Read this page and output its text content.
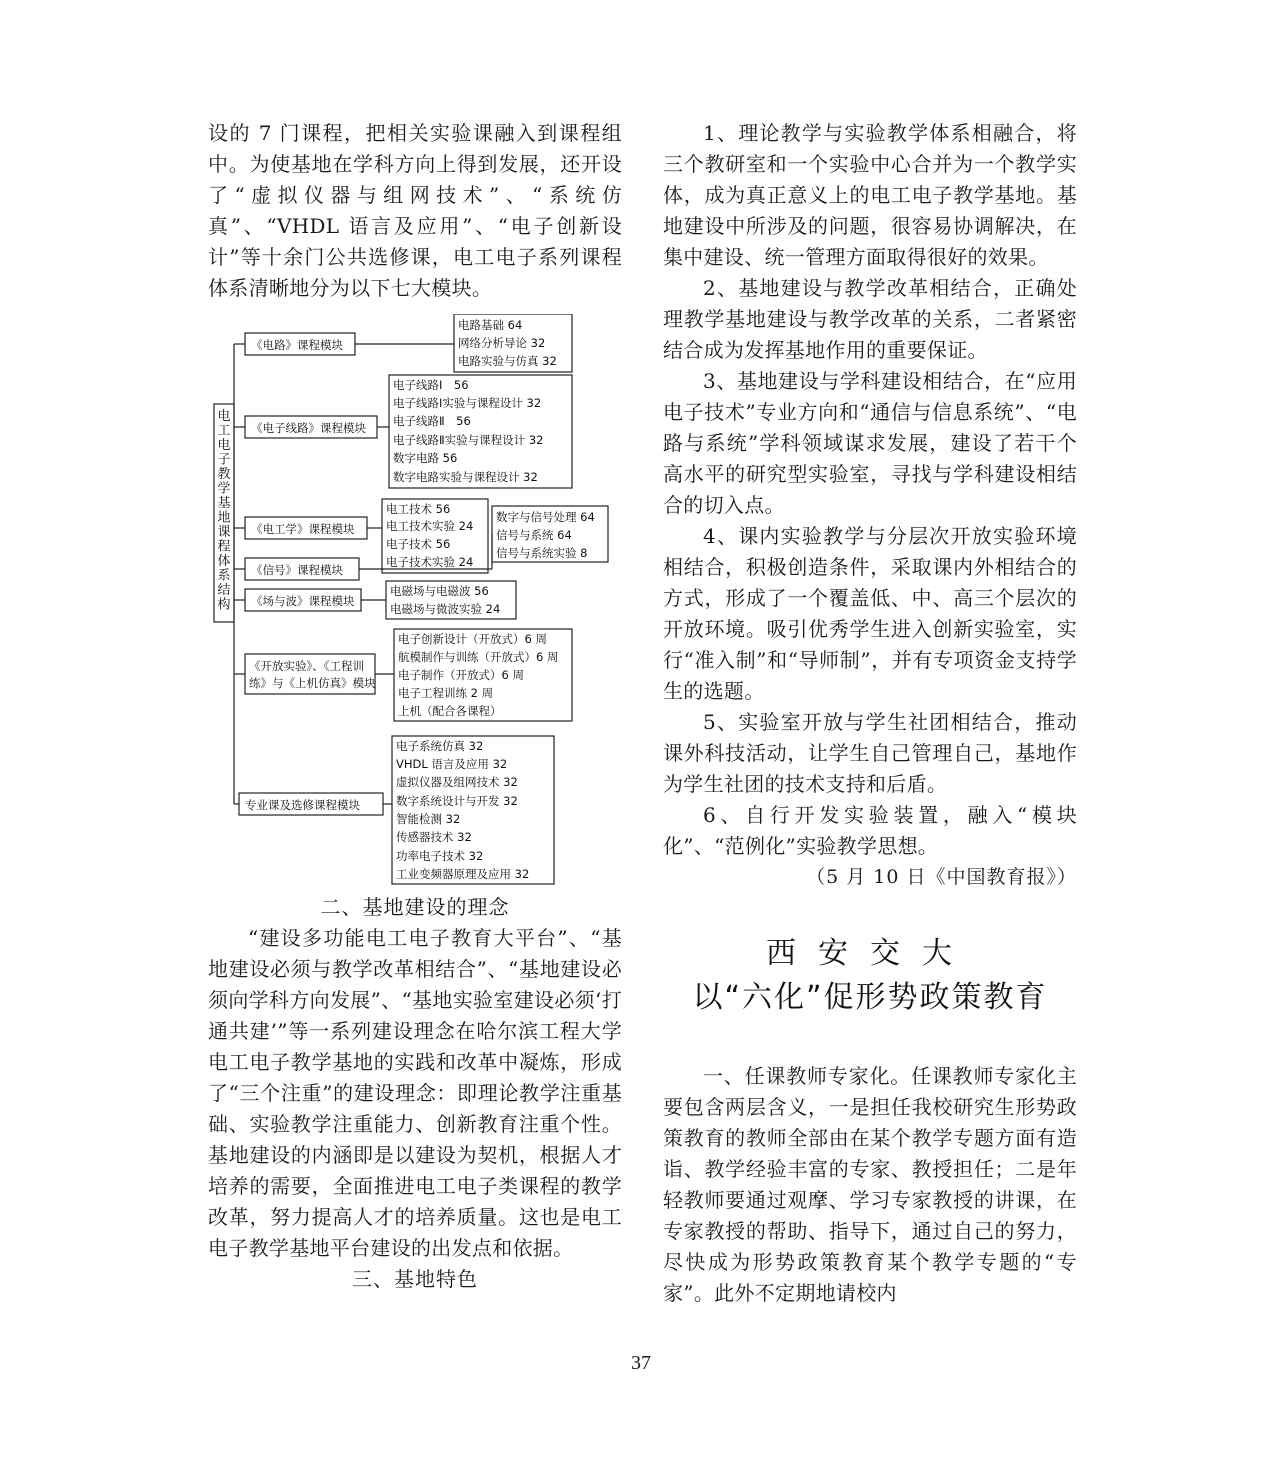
设的 7 门课程，把相关实验课融入到课程组中。为使基地在学科方向上得到发展，还开设了“虚拟仪器与组网技术”、“系统仿真”、“VHDL 语言及应用”、“电子创新设计”等十余门公共选修课，电工电子系列课程体系清晰地分为以下七大模块。

电
工
电
子
教
学
基
地
课
程
体
系
结
构
《电路》课程模块
电路基础 64
网络分析导论 32
电路实验与仿真 32
《电子线路》课程模块
电子线路Ⅰ　56
电子线路Ⅰ实验与课程设计 32
电子线路Ⅱ　56
电子线路Ⅱ实验与课程设计 32
数字电路 56
数字电路实验与课程设计 32
《电工学》课程模块
电工技术 56
电工技术实验 24
电子技术 56
电子技术实验 24
《信号》课程模块
数字与信号处理 64
信号与系统 64
信号与系统实验 8
《场与波》课程模块
电磁场与电磁波 56
电磁场与微波实验 24
《开放实验》、《工程训
练》与《上机仿真》模块
电子创新设计（开放式）6 周
航模制作与训练（开放式）6 周
电子制作（开放式）6 周
电子工程训练 2 周
上机（配合各课程）
专业课及选修课程模块
电子系统仿真 32
VHDL 语言及应用 32
虚拟仪器及组网技术 32
数字系统设计与开发 32
智能检测 32
传感器技术 32
功率电子技术 32
工业变频器原理及应用 32

二、基地建设的理念

“建设多功能电工电子教育大平台”、“基地建设必须与教学改革相结合”、“基地建设必须向学科方向发展”、“基地实验室建设必须‘打通共建’”等一系列建设理念在哈尔滨工程大学电工电子教学基地的实践和改革中凝炼，形成了“三个注重”的建设理念：即理论教学注重基础、实验教学注重能力、创新教育注重个性。基地建设的内涵即是以建设为契机，根据人才培养的需要，全面推进电工电子类课程的教学改革，努力提高人才的培养质量。这也是电工电子教学基地平台建设的出发点和依据。

三、基地特色

1、理论教学与实验教学体系相融合，将三个教研室和一个实验中心合并为一个教学实体，成为真正意义上的电工电子教学基地。基地建设中所涉及的问题，很容易协调解决，在集中建设、统一管理方面取得很好的效果。

2、基地建设与教学改革相结合，正确处理教学基地建设与教学改革的关系，二者紧密结合成为发挥基地作用的重要保证。

3、基地建设与学科建设相结合，在“应用电子技术”专业方向和“通信与信息系统”、“电路与系统”学科领域谋求发展，建设了若干个高水平的研究型实验室，寻找与学科建设相结合的切入点。

4、课内实验教学与分层次开放实验环境相结合，积极创造条件，采取课内外相结合的方式，形成了一个覆盖低、中、高三个层次的开放环境。吸引优秀学生进入创新实验室，实行“准入制”和“导师制”，并有专项资金支持学生的选题。

5、实验室开放与学生社团相结合，推动课外科技活动，让学生自己管理自己，基地作为学生社团的技术支持和后盾。

6、自行开发实验装置，融入“模块化”、“范例化”实验教学思想。

（5 月 10 日《中国教育报》）

西安交大

以“六化”促形势政策教育

一、任课教师专家化。任课教师专家化主要包含两层含义，一是担任我校研究生形势政策教育的教师全部由在某个教学专题方面有造诣、教学经验丰富的专家、教授担任；二是年轻教师要通过观摩、学习专家教授的讲课，在专家教授的帮助、指导下，通过自己的努力，尽快成为形势政策教育某个教学专题的“专家”。此外不定期地请校内

37
